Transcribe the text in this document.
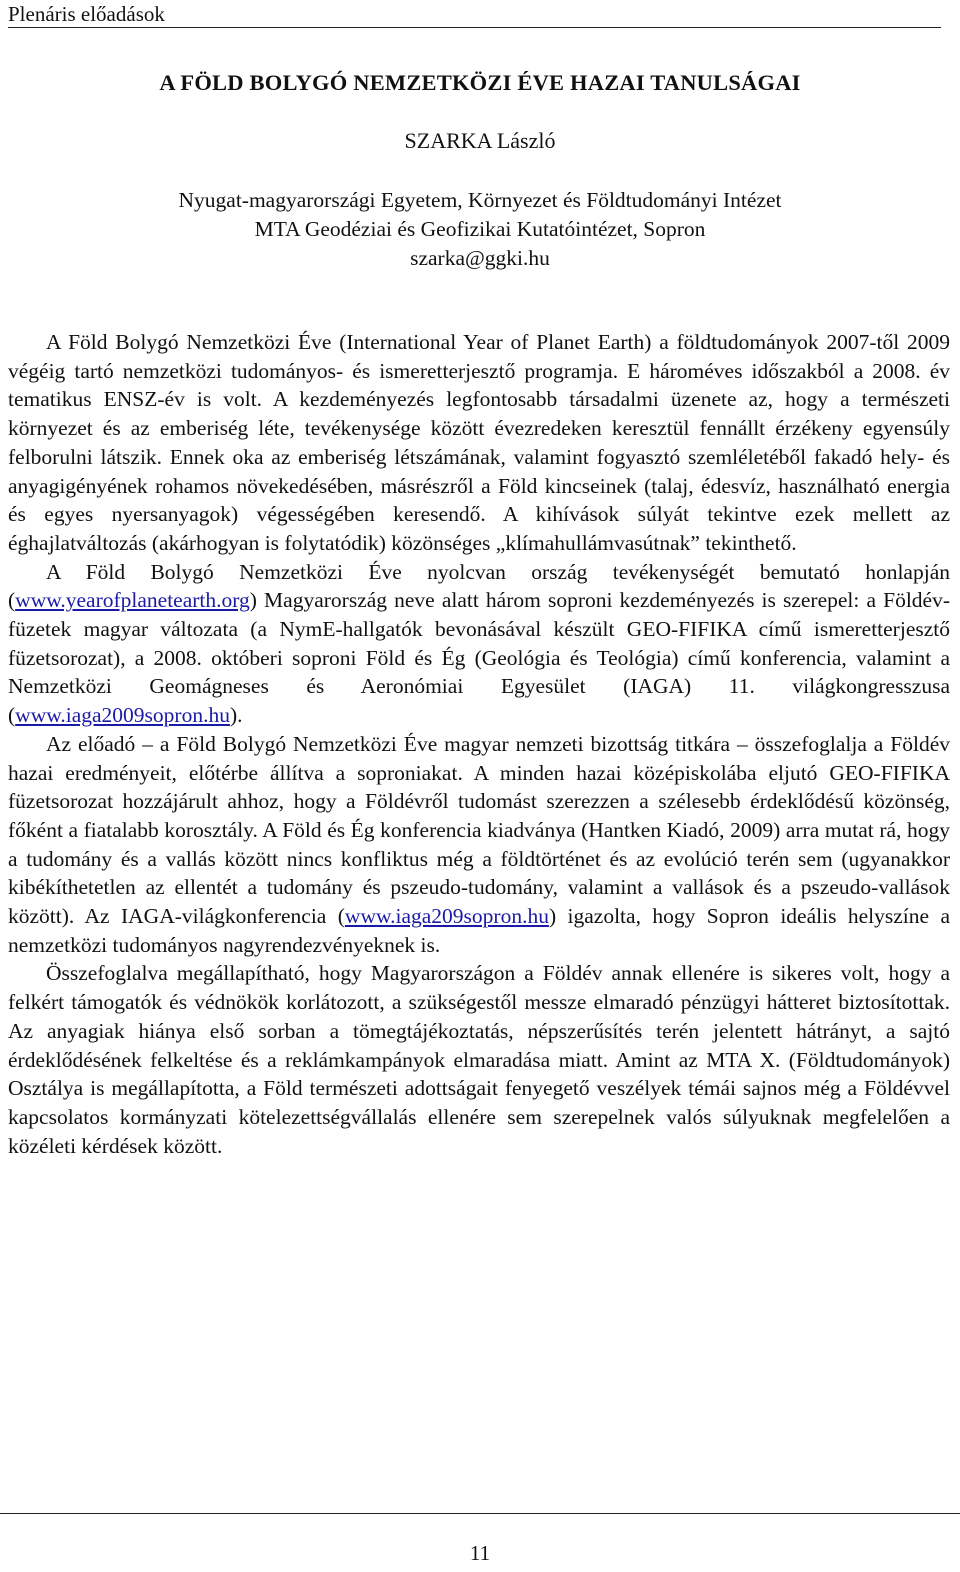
Plenáris előadások
A FÖLD BOLYGÓ NEMZETKÖZI ÉVE HAZAI TANULSÁGAI
SZARKA László
Nyugat-magyarországi Egyetem, Környezet és Földtudományi Intézet
MTA Geodéziai és Geofizikai Kutatóintézet, Sopron
szarka@ggki.hu

A Föld Bolygó Nemzetközi Éve (International Year of Planet Earth) a földtudományok 2007-től 2009 végéig tartó nemzetközi tudományos- és ismeretterjesztő programja. E hároméves időszakból a 2008. év tematikus ENSZ-év is volt. A kezdeményezés legfontosabb társadalmi üzenete az, hogy a természeti környezet és az emberiség léte, tevékenysége között évezredeken keresztül fennállt érzékeny egyensúly felborulni látszik. Ennek oka az emberiség létszámának, valamint fogyasztó szemléletéből fakadó hely- és anyagigényének rohamos növekedésében, másrészről a Föld kincseinek (talaj, édesvíz, használható energia és egyes nyersanyagok) végességében keresendő. A kihívások súlyát tekintve ezek mellett az éghajlatváltozás (akárhogyan is folytatódik) közönséges „klímahullámvasútnak” tekinthető.

A Föld Bolygó Nemzetközi Éve nyolcvan ország tevékenységét bemutató honlapján (www.yearofplanetearth.org) Magyarország neve alatt három soproni kezdeményezés is szerepel: a Földév-füzetek magyar változata (a NymE-hallgatók bevonásával készült GEO-FIFIKA című ismeretterjesztő füzetsorozat), a 2008. októberi soproni Föld és Ég (Geológia és Teológia) című konferencia, valamint a Nemzetközi Geomágneses és Aeronómiai Egyesület (IAGA) 11. világkongresszusa (www.iaga2009sopron.hu).

Az előadó – a Föld Bolygó Nemzetközi Éve magyar nemzeti bizottság titkára – összefoglalja a Földév hazai eredményeit, előtérbe állítva a soproniakat. A minden hazai középiskolába eljutó GEO-FIFIKA füzetsorozat hozzájárult ahhoz, hogy a Földévről tudomást szerezzen a szélesebb érdeklődésű közönség, főként a fiatalabb korosztály. A Föld és Ég konferencia kiadványa (Hantken Kiadó, 2009) arra mutat rá, hogy a tudomány és a vallás között nincs konfliktus még a földtörténet és az evolúció terén sem (ugyanakkor kibékíthetetlen az ellentét a tudomány és pszeudo-tudomány, valamint a vallások és a pszeudo-vallások között). Az IAGA-világkonferencia (www.iaga209sopron.hu) igazolta, hogy Sopron ideális helyszíne a nemzetközi tudományos nagyrendezvényeknek is.

Összefoglalva megállapítható, hogy Magyarországon a Földév annak ellenére is sikeres volt, hogy a felkért támogatók és védnökök korlátozott, a szükségestől messze elmaradó pénzügyi hátteret biztosítottak. Az anyagiak hiánya első sorban a tömegtájékoztatás, népszerűsítés terén jelentett hátrányt, a sajtó érdeklődésének felkeltése és a reklámkampányok elmaradása miatt. Amint az MTA X. (Földtudományok) Osztálya is megállapította, a Föld természeti adottságait fenyegető veszélyek témái sajnos még a Földévvel kapcsolatos kormányzati kötelezettségvállalás ellenére sem szerepelnek valós súlyuknak megfelelően a közéleti kérdések között.

11
